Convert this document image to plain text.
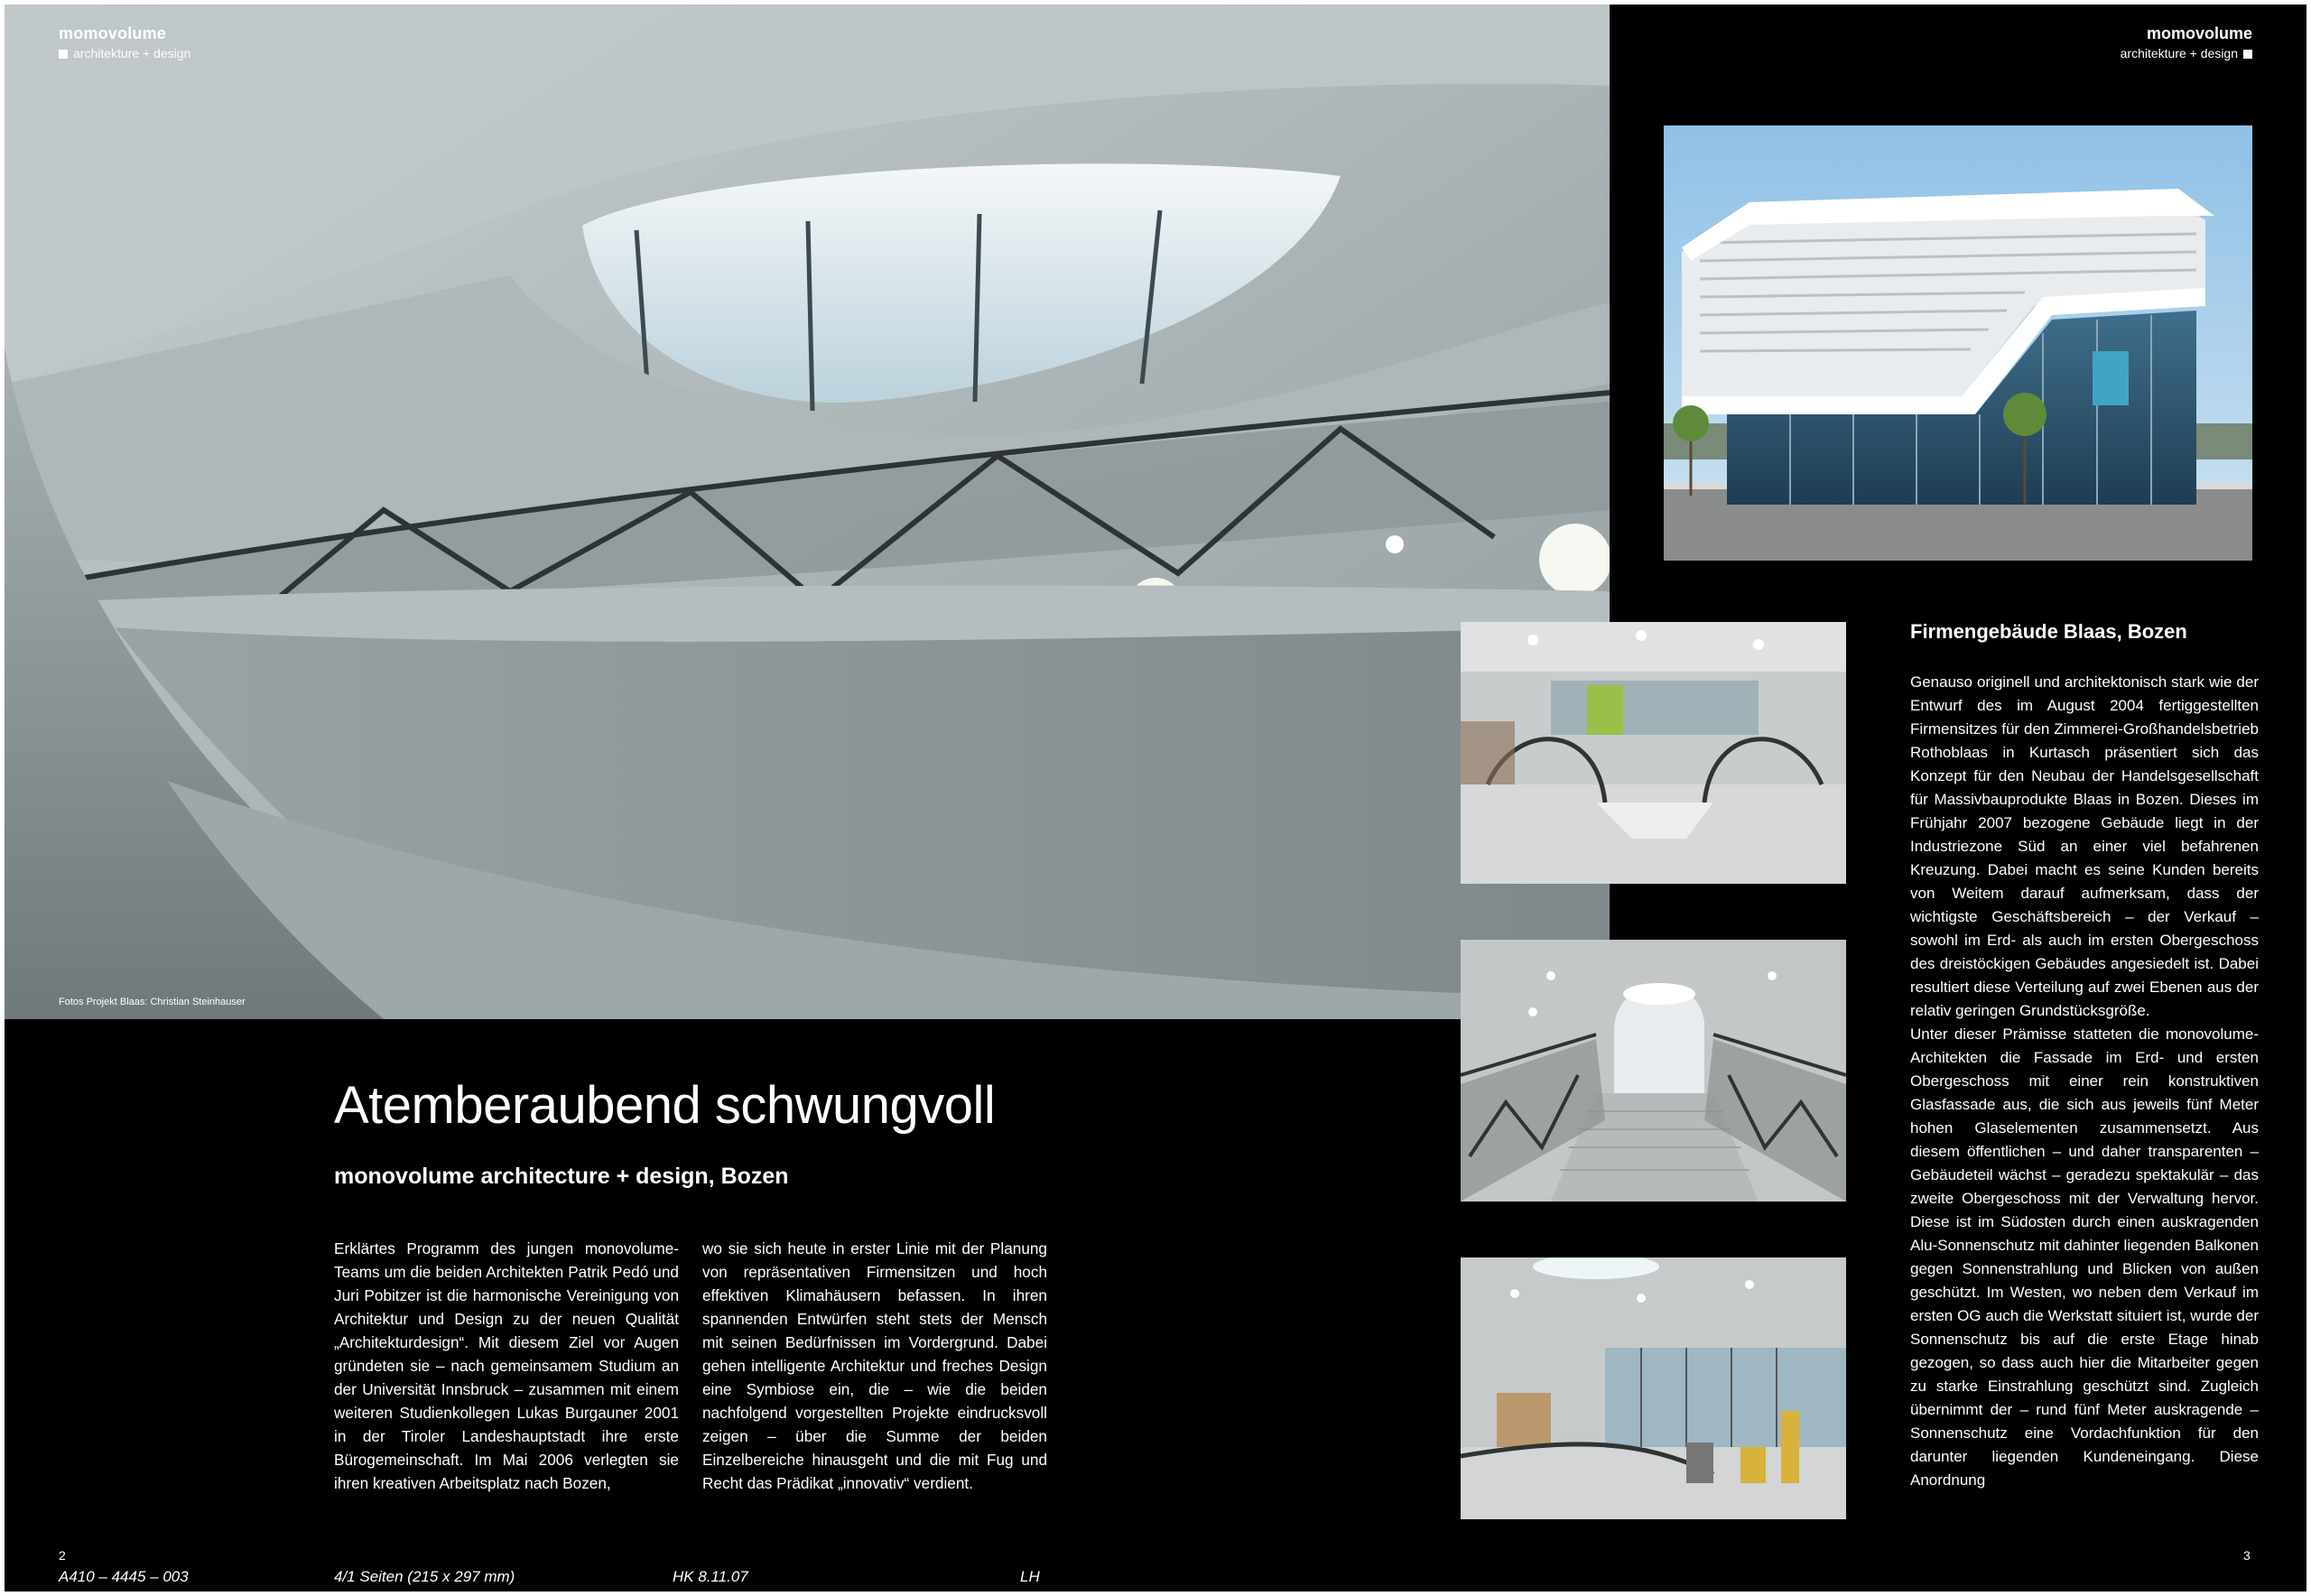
momovolume
architekture + design
Fotos Projekt Blaas: Christian Steinhauser
Atemberaubend schwungvoll
monovolume architecture + design, Bozen
Erklärtes Programm des jungen monovolume- Teams um die beiden Architekten Patrik Pedó und Juri Pobitzer ist die harmonische Vereinigung von Architektur und Design zu der neuen Qualität „Architekturdesign“. Mit diesem Ziel vor Augen gründeten sie – nach gemeinsamem Studium an der Universität Innsbruck – zusammen mit einem weiteren Studienkollegen Lukas Burgauner 2001 in der Tiroler Landeshauptstadt ihre erste Bürogemeinschaft. Im Mai 2006 verlegten sie ihren kreativen Arbeitsplatz nach Bozen,
wo sie sich heute in erster Linie mit der Planung von repräsentativen Firmensitzen und hoch effektiven Klimahäusern befassen. In ihren spannenden Entwürfen steht stets der Mensch mit seinen Bedürfnissen im Vordergrund. Dabei gehen intelligente Architektur und freches Design eine Symbiose ein, die – wie die beiden nachfolgend vorgestellten Projekte eindrucksvoll zeigen – über die Summe der beiden Einzelbereiche hinausgeht und die mit Fug und Recht das Prädikat „innovativ“ verdient.
2
A410 – 4445 – 003	4/1 Seiten (215 x 297 mm)	HK 8.11.07	LH
momovolume
architekture + design
Firmengebäude Blaas, Bozen
Genauso originell und architektonisch stark wie der Entwurf des im August 2004 fertiggestellten Firmensitzes für den Zimmerei-Großhandelsbetrieb Rothoblaas in Kurtasch präsentiert sich das Konzept für den Neubau der Handelsgesellschaft für Massivbauprodukte Blaas in Bozen. Dieses im Frühjahr 2007 bezogene Gebäude liegt in der Industriezone Süd an einer viel befahrenen Kreuzung. Dabei macht es seine Kunden bereits von Weitem darauf aufmerksam, dass der wichtigste Geschäftsbereich – der Verkauf – sowohl im Erd- als auch im ersten Obergeschoss des dreistöckigen Gebäudes angesiedelt ist. Dabei resultiert diese Verteilung auf zwei Ebenen aus der relativ geringen Grundstücksgröße.
Unter dieser Prämisse statteten die monovolume-Architekten die Fassade im Erd- und ersten Obergeschoss mit einer rein konstruktiven Glasfassade aus, die sich aus jeweils fünf Meter hohen Glaselementen zusammensetzt. Aus diesem öffentlichen – und daher transparenten – Gebäudeteil wächst – geradezu spektakulär – das zweite Obergeschoss mit der Verwaltung hervor. Diese ist im Südosten durch einen auskragenden Alu-Sonnenschutz mit dahinter liegenden Balkonen gegen Sonnenstrahlung und Blicken von außen geschützt. Im Westen, wo neben dem Verkauf im ersten OG auch die Werkstatt situiert ist, wurde der Sonnenschutz bis auf die erste Etage hinab gezogen, so dass auch hier die Mitarbeiter gegen zu starke Einstrahlung geschützt sind. Zugleich übernimmt der – rund fünf Meter auskragende – Sonnenschutz eine Vordachfunktion für den darunter liegenden Kundeneingang. Diese Anordnung
3
